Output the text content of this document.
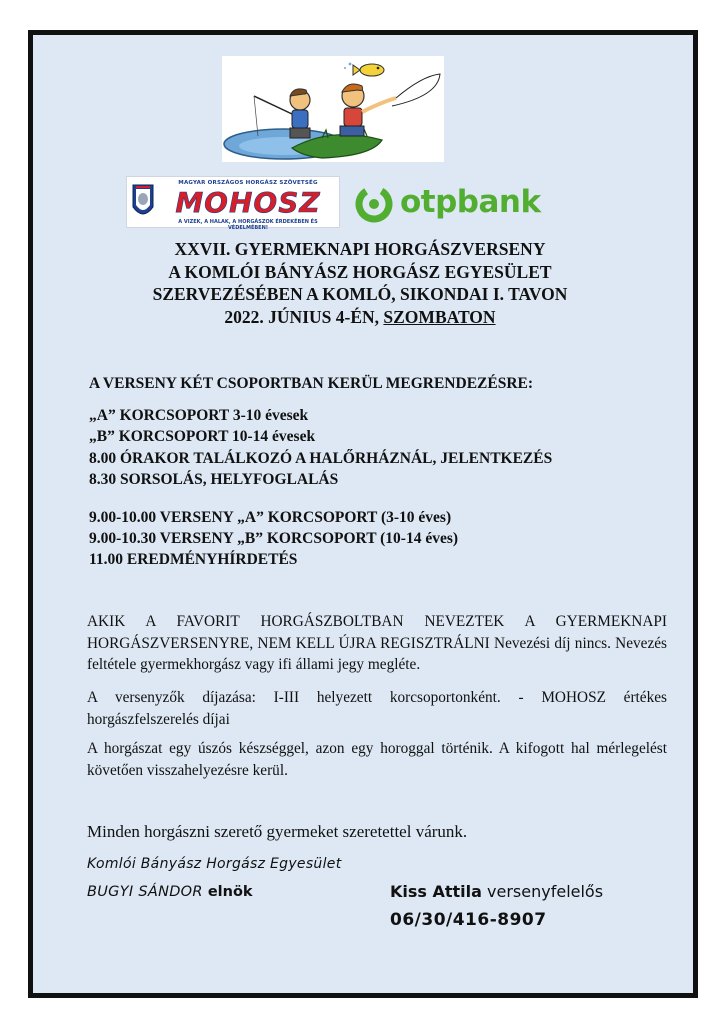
MAGYAR ORSZÁGOS HORGÁSZ SZÖVETSÉG
MOHOSZ
A VIZEK, A HALAK, A HORGÁSZOK ÉRDEKÉBEN ÉS VÉDELMÉBEN!
otpbank
XXVII. GYERMEKNAPI HORGÁSZVERSENY
A KOMLÓI BÁNYÁSZ HORGÁSZ EGYESÜLET
SZERVEZÉSÉBEN A KOMLÓ, SIKONDAI I. TAVON
2022. JÚNIUS 4-ÉN, SZOMBATON
A VERSENY KÉT CSOPORTBAN KERÜL MEGRENDEZÉSRE:
„A” KORCSOPORT 3-10 évesek
„B” KORCSOPORT 10-14 évesek
8.00 ÓRAKOR TALÁLKOZÓ A HALŐRHÁZNÁL, JELENTKEZÉS
8.30 SORSOLÁS, HELYFOGLALÁS
9.00-10.00 VERSENY „A” KORCSOPORT (3-10 éves)
9.00-10.30 VERSENY „B” KORCSOPORT (10-14 éves)
11.00 EREDMÉNYHÍRDETÉS
AKIK A FAVORIT HORGÁSZBOLTBAN NEVEZTEK A GYERMEKNAPI HORGÁSZVERSENYRE, NEM KELL ÚJRA REGISZTRÁLNI Nevezési díj nincs. Nevezés feltétele gyermekhorgász vagy ifi állami jegy megléte.
A versenyzők díjazása: I-III helyezett korcsoportonként. - MOHOSZ értékes horgászfelszerelés díjai
A horgászat egy úszós készséggel, azon egy horoggal történik. A kifogott hal mérlegelést követően visszahelyezésre kerül.
Minden horgászni szerető gyermeket szeretettel várunk.
Komlói Bányász Horgász Egyesület
BUGYI SÁNDOR elnök	Kiss Attila versenyfelelős
06/30/416-8907
